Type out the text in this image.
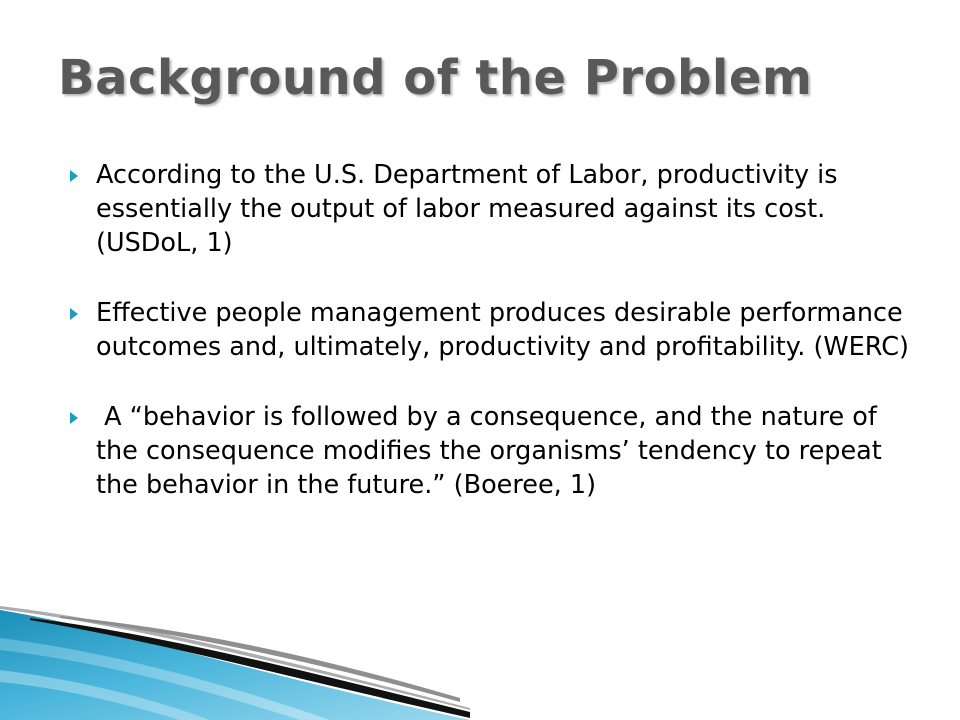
Background of the Problem
According to the U.S. Department of Labor, productivity is essentially the output of labor measured against its cost. (USDoL, 1)
Effective people management produces desirable performance outcomes and, ultimately, productivity and profitability. (WERC)
A “behavior is followed by a consequence, and the nature of the consequence modifies the organisms’ tendency to repeat the behavior in the future.” (Boeree, 1)
